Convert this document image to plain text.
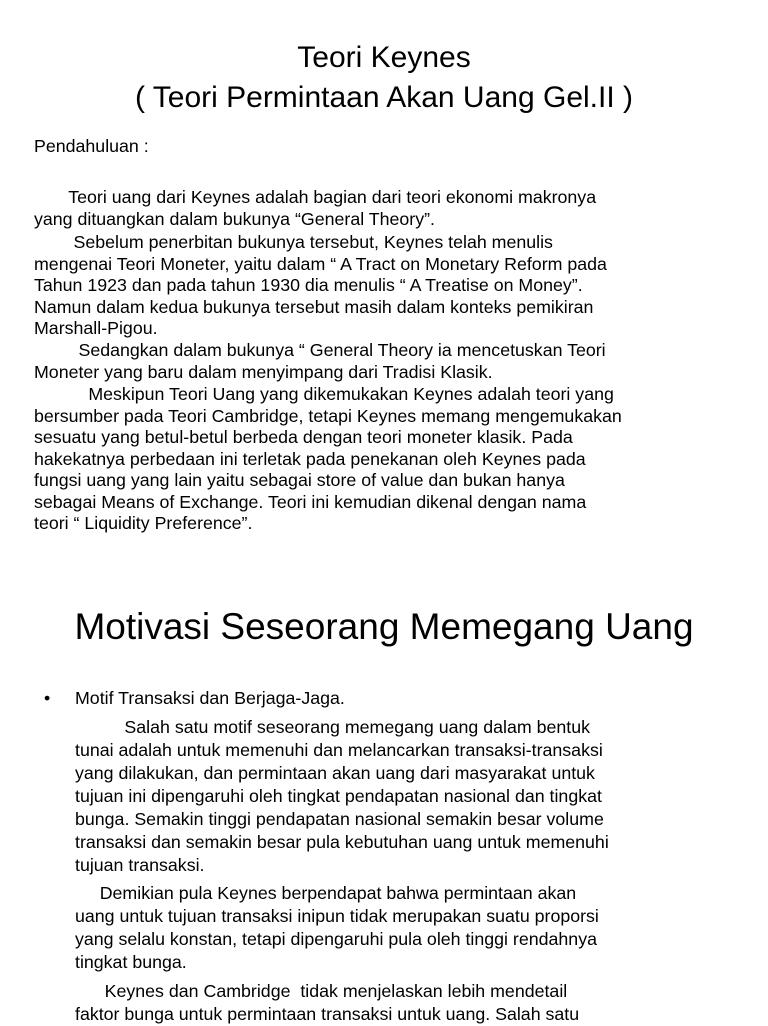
Teori Keynes
( Teori Permintaan Akan Uang Gel.II )

Pendahuluan :

Teori uang dari Keynes adalah bagian dari teori ekonomi makronya
yang dituangkan dalam bukunya “General Theory”.
Sebelum penerbitan bukunya tersebut, Keynes telah menulis
mengenai Teori Moneter, yaitu dalam “ A Tract on Monetary Reform pada
Tahun 1923 dan pada tahun 1930 dia menulis “ A Treatise on Money”.
Namun dalam kedua bukunya tersebut masih dalam konteks pemikiran
Marshall-Pigou.
Sedangkan dalam bukunya “ General Theory ia mencetuskan Teori
Moneter yang baru dalam menyimpang dari Tradisi Klasik.
Meskipun Teori Uang yang dikemukakan Keynes adalah teori yang
bersumber pada Teori Cambridge, tetapi Keynes memang mengemukakan
sesuatu yang betul-betul berbeda dengan teori moneter klasik. Pada
hakekatnya perbedaan ini terletak pada penekanan oleh Keynes pada
fungsi uang yang lain yaitu sebagai store of value dan bukan hanya
sebagai Means of Exchange. Teori ini kemudian dikenal dengan nama
teori “ Liquidity Preference”.
Motivasi Seseorang Memegang Uang
• Motif Transaksi dan Berjaga-Jaga.

Salah satu motif seseorang memegang uang dalam bentuk
tunai adalah untuk memenuhi dan melancarkan transaksi-transaksi
yang dilakukan, dan permintaan akan uang dari masyarakat untuk
tujuan ini dipengaruhi oleh tingkat pendapatan nasional dan tingkat
bunga. Semakin tinggi pendapatan nasional semakin besar volume
transaksi dan semakin besar pula kebutuhan uang untuk memenuhi
tujuan transaksi.
Demikian pula Keynes berpendapat bahwa permintaan akan
uang untuk tujuan transaksi inipun tidak merupakan suatu proporsi
yang selalu konstan, tetapi dipengaruhi pula oleh tinggi rendahnya
tingkat bunga.
Keynes dan Cambridge  tidak menjelaskan lebih mendetail
faktor bunga untuk permintaan transaksi untuk uang. Salah satu
